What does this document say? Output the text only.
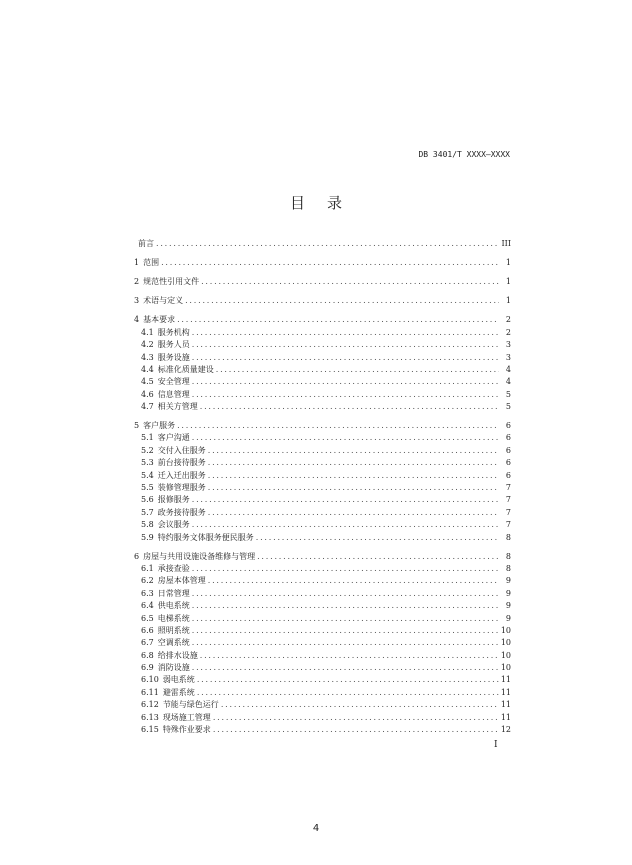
DB 3401/T XXXX—XXXX
目录
前言 .....	III
1 范围 .....	1
2 规范性引用文件 .....	1
3 术语与定义 .....	1
4 基本要求 .....	2
4.1 服务机构 .....	2
4.2 服务人员 .....	3
4.3 服务设施 .....	3
4.4 标准化质量建设 .....	4
4.5 安全管理 .....	4
4.6 信息管理 .....	5
4.7 相关方管理 .....	5
5 客户服务 .....	6
5.1 客户沟通 .....	6
5.2 交付入住服务 .....	6
5.3 前台接待服务 .....	6
5.4 迁入迁出服务 .....	6
5.5 装修管理服务 .....	7
5.6 报修服务 .....	7
5.7 政务接待服务 .....	7
5.8 会议服务 .....	7
5.9 特约服务文体服务便民服务 .....	8
6 房屋与共用设施设备维修与管理 .....	8
6.1 承接查验 .....	8
6.2 房屋本体管理 .....	9
6.3 日常管理 .....	9
6.4 供电系统 .....	9
6.5 电梯系统 .....	9
6.6 照明系统 .....	10
6.7 空调系统 .....	10
6.8 给排水设施 .....	10
6.9 消防设施 .....	10
6.10 弱电系统 .....	11
6.11 避雷系统 .....	11
6.12 节能与绿色运行 .....	11
6.13 现场施工管理 .....	11
6.15 特殊作业要求 .....	12
I
4
